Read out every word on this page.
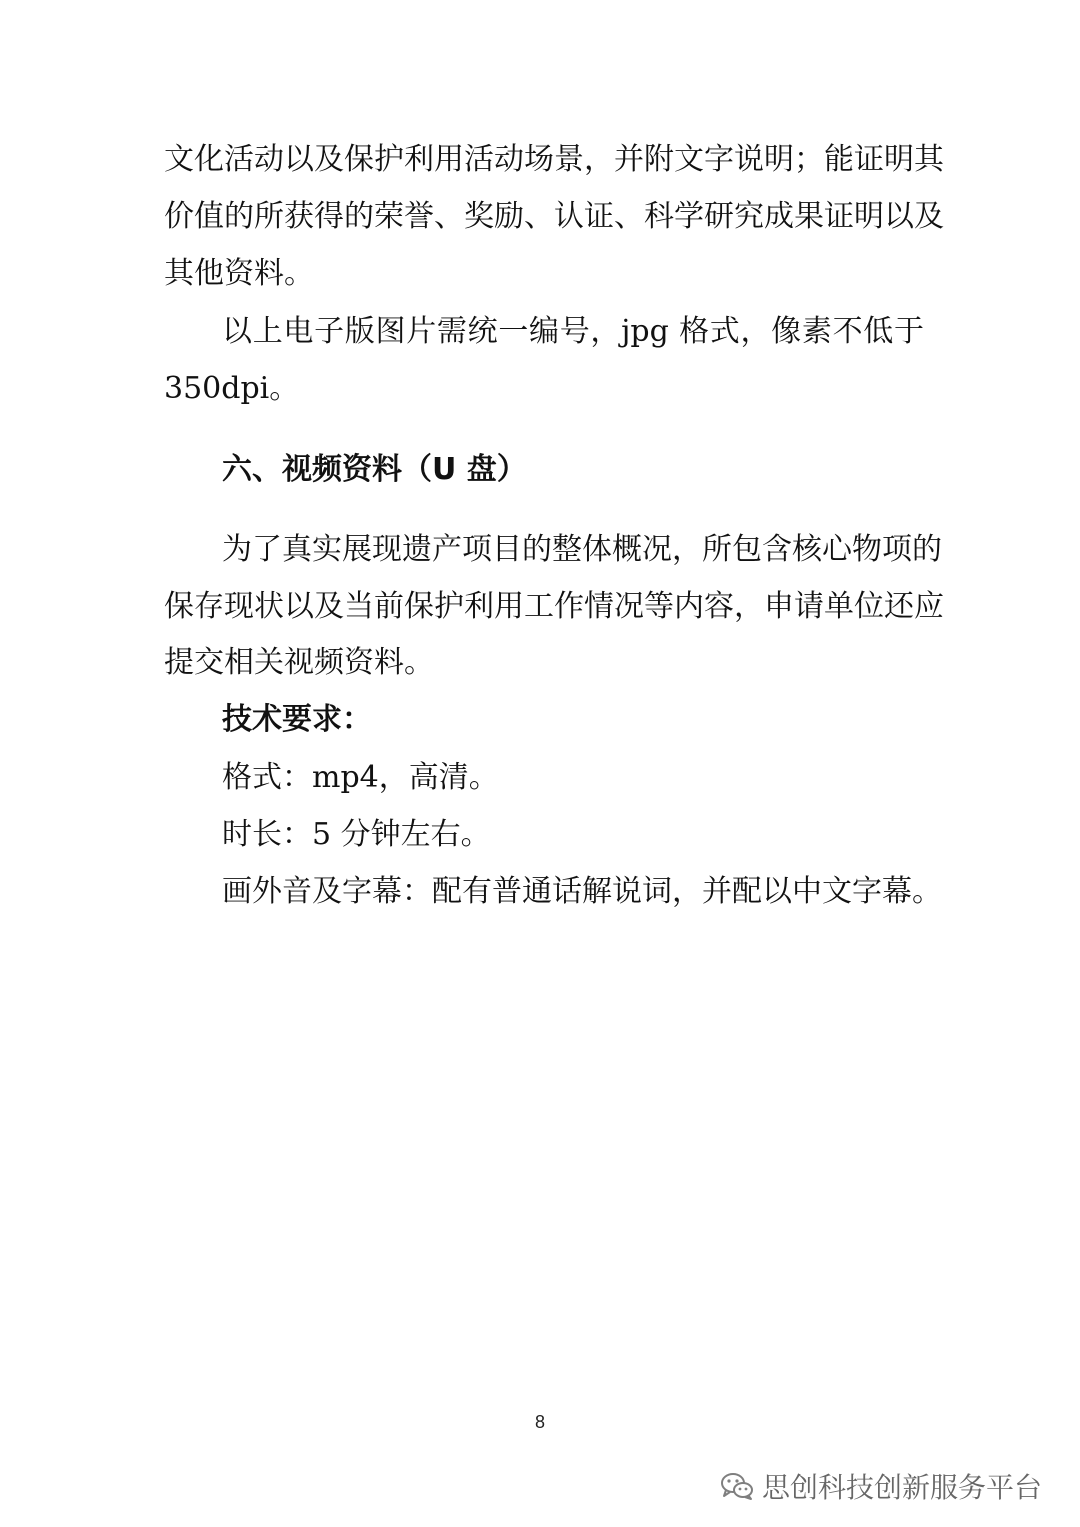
文化活动以及保护利用活动场景，并附文字说明；能证明其
价值的所获得的荣誉、奖励、认证、科学研究成果证明以及
其他资料。
以上电子版图片需统一编号，jpg 格式，像素不低于
350dpi。
六、视频资料（U 盘）
为了真实展现遗产项目的整体概况，所包含核心物项的
保存现状以及当前保护利用工作情况等内容，申请单位还应
提交相关视频资料。
技术要求：
格式：mp4，高清。
时长：5 分钟左右。
画外音及字幕：配有普通话解说词，并配以中文字幕。
8
思创科技创新服务平台
